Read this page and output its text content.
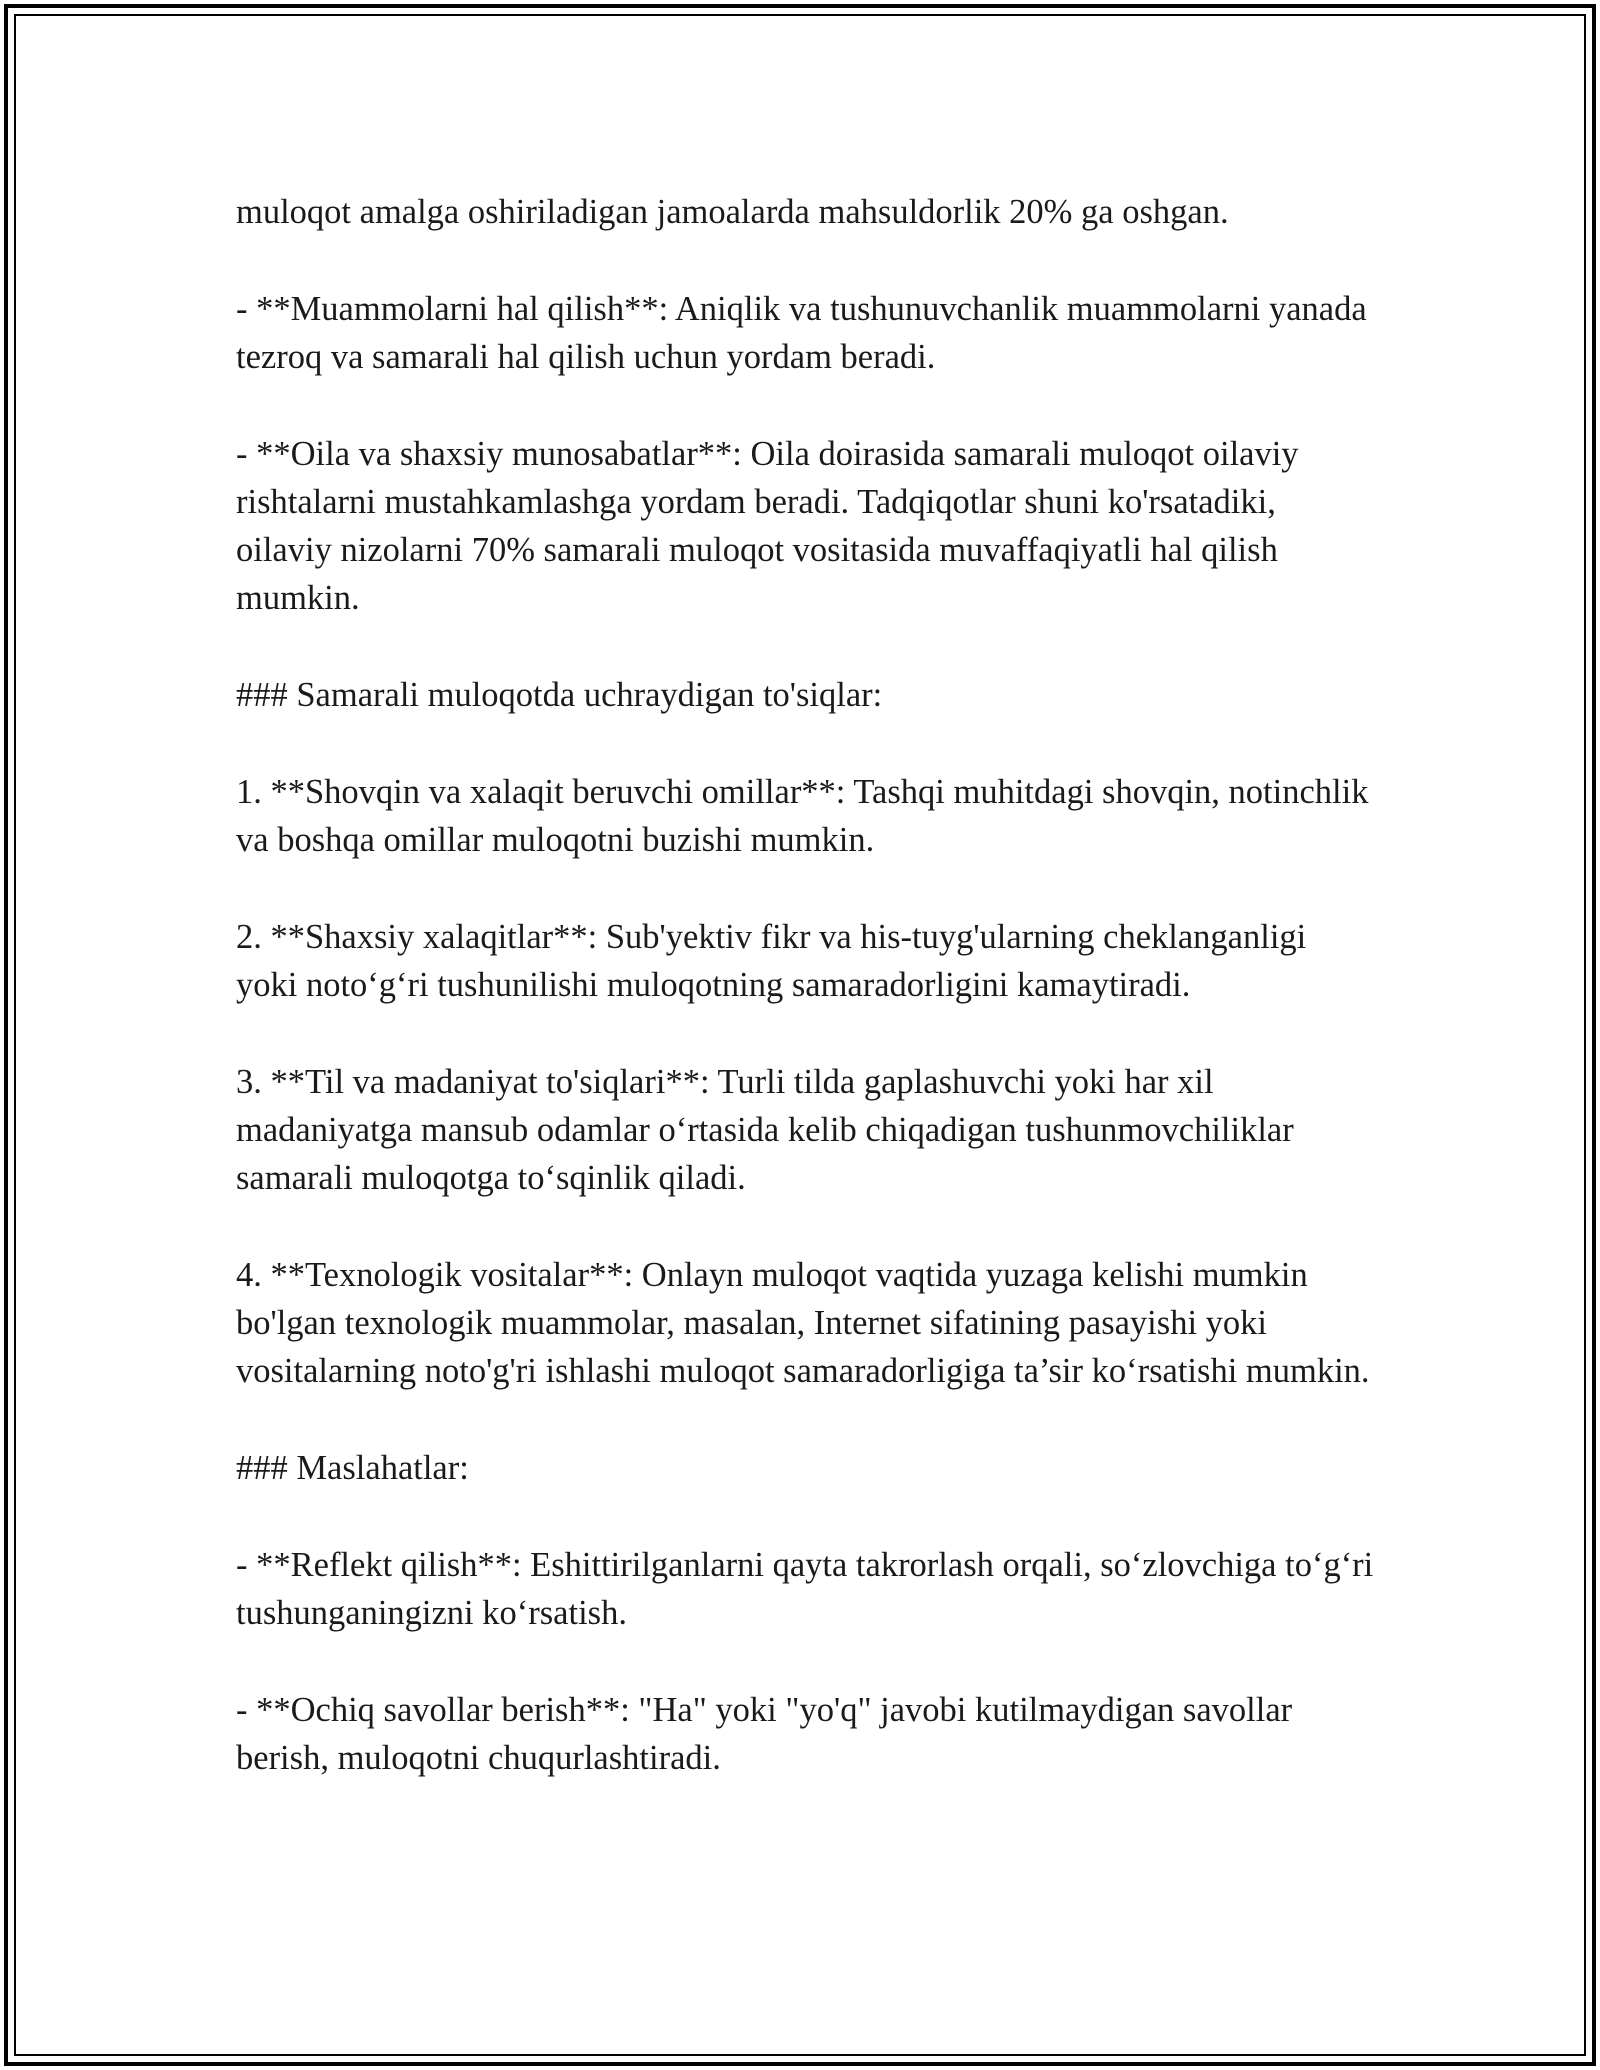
muloqot amalga oshiriladigan jamoalarda mahsuldorlik 20% ga oshgan.

- **Muammolarni hal qilish**: Aniqlik va tushunuvchanlik muammolarni yanada tezroq va samarali hal qilish uchun yordam beradi.

- **Oila va shaxsiy munosabatlar**: Oila doirasida samarali muloqot oilaviy rishtalarni mustahkamlashga yordam beradi. Tadqiqotlar shuni ko'rsatadiki, oilaviy nizolarni 70% samarali muloqot vositasida muvaffaqiyatli hal qilish mumkin.

### Samarali muloqotda uchraydigan to'siqlar:

1. **Shovqin va xalaqit beruvchi omillar**: Tashqi muhitdagi shovqin, notinchlik va boshqa omillar muloqotni buzishi mumkin.

2. **Shaxsiy xalaqitlar**: Sub'yektiv fikr va his-tuyg'ularning cheklanganligi yoki notoʻgʻri tushunilishi muloqotning samaradorligini kamaytiradi.

3. **Til va madaniyat to'siqlari**: Turli tilda gaplashuvchi yoki har xil madaniyatga mansub odamlar oʻrtasida kelib chiqadigan tushunmovchiliklar samarali muloqotga toʻsqinlik qiladi.

4. **Texnologik vositalar**: Onlayn muloqot vaqtida yuzaga kelishi mumkin bo'lgan texnologik muammolar, masalan, Internet sifatining pasayishi yoki vositalarning noto'g'ri ishlashi muloqot samaradorligiga ta’sir koʻrsatishi mumkin.

### Maslahatlar:

- **Reflekt qilish**: Eshittirilganlarni qayta takrorlash orqali, soʻzlovchiga toʻgʻri tushunganingizni koʻrsatish.

- **Ochiq savollar berish**: "Ha" yoki "yo'q" javobi kutilmaydigan savollar berish, muloqotni chuqurlashtiradi.
